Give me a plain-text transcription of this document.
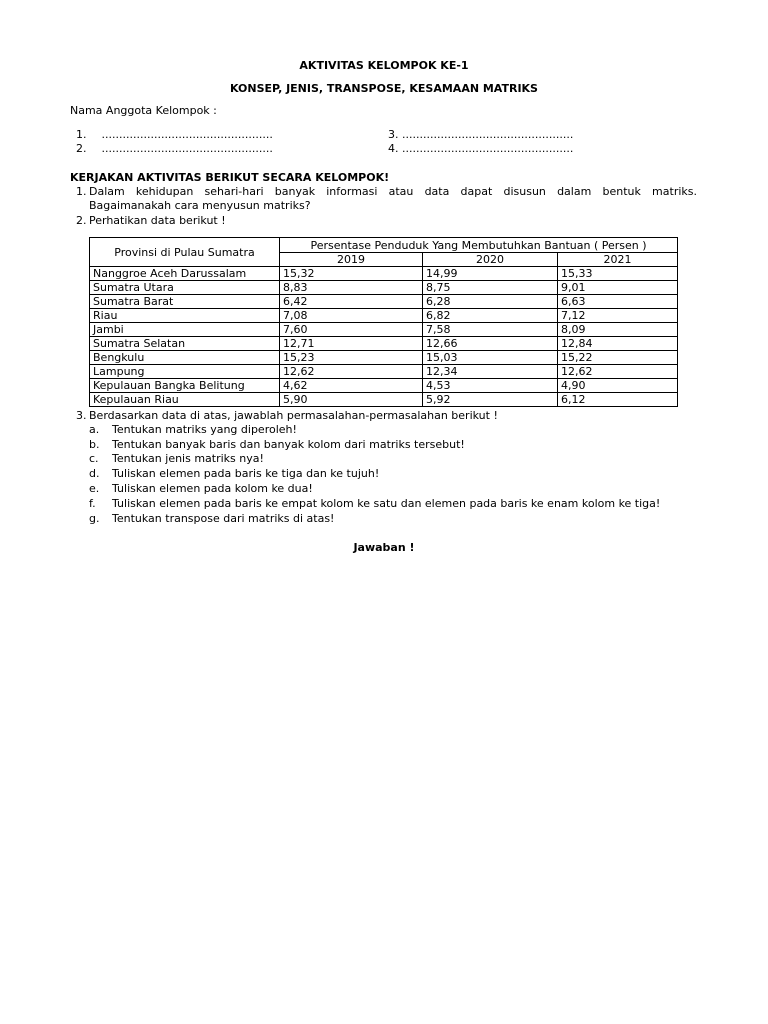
AKTIVITAS KELOMPOK KE-1
KONSEP, JENIS, TRANSPOSE, KESAMAAN MATRIKS
Nama Anggota Kelompok :
1. .................................................
2. .................................................
3. .................................................
4. .................................................
KERJAKAN AKTIVITAS BERIKUT SECARA KELOMPOK!
1. Dalam kehidupan sehari-hari banyak informasi atau data dapat disusun dalam bentuk matriks.
Bagaimanakah cara menyusun matriks?
2. Perhatikan data berikut !
Provinsi di Pulau Sumatra	Persentase Penduduk Yang Membutuhkan Bantuan ( Persen )		
	2019	2020	2021
Nanggroe Aceh Darussalam	15,32	14,99	15,33
Sumatra Utara	8,83	8,75	9,01
Sumatra Barat	6,42	6,28	6,63
Riau	7,08	6,82	7,12
Jambi	7,60	7,58	8,09
Sumatra Selatan	12,71	12,66	12,84
Bengkulu	15,23	15,03	15,22
Lampung	12,62	12,34	12,62
Kepulauan Bangka Belitung	4,62	4,53	4,90
Kepulauan Riau	5,90	5,92	6,12
3. Berdasarkan data di atas, jawablah permasalahan-permasalahan berikut !
a. Tentukan matriks yang diperoleh!
b. Tentukan banyak baris dan banyak kolom dari matriks tersebut!
c. Tentukan jenis matriks nya!
d. Tuliskan elemen pada baris ke tiga dan ke tujuh!
e. Tuliskan elemen pada kolom ke dua!
f. Tuliskan elemen pada baris ke empat kolom ke satu dan elemen pada baris ke enam kolom ke tiga!
g. Tentukan transpose dari matriks di atas!
Jawaban !
